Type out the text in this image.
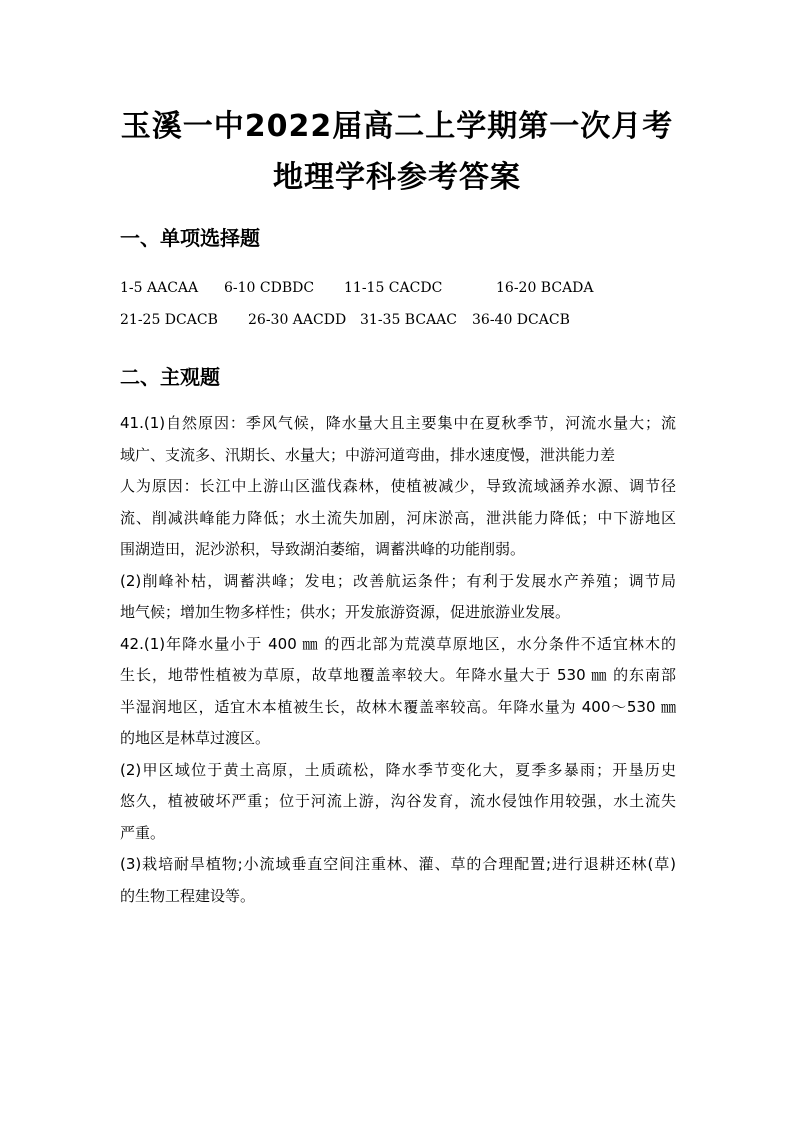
玉溪一中2022届高二上学期第一次月考
地理学科参考答案
一、单项选择题
1-5 AACAA 6-10 CDBDC 11-15 CACDC	16-20 BCADA
21-25 DCACB 26-30 AACDD 31-35 BCAAC 36-40 DCACB
二、主观题
41.(1)自然原因：季风气候，降水量大且主要集中在夏秋季节，河流水量大；流
域广、支流多、汛期长、水量大；中游河道弯曲，排水速度慢，泄洪能力差
人为原因：长江中上游山区滥伐森林，使植被减少，导致流域涵养水源、调节径
流、削减洪峰能力降低；水土流失加剧，河床淤高，泄洪能力降低；中下游地区
围湖造田，泥沙淤积，导致湖泊萎缩，调蓄洪峰的功能削弱。
(2)削峰补枯，调蓄洪峰；发电；改善航运条件；有利于发展水产养殖；调节局
地气候；增加生物多样性；供水；开发旅游资源，促进旅游业发展。
42.(1)年降水量小于 400 ㎜ 的西北部为荒漠草原地区，水分条件不适宜林木的
生长，地带性植被为草原，故草地覆盖率较大。年降水量大于 530 ㎜ 的东南部
半湿润地区，适宜木本植被生长，故林木覆盖率较高。年降水量为 400～530 ㎜
的地区是林草过渡区。
(2)甲区域位于黄土高原，土质疏松，降水季节变化大，夏季多暴雨；开垦历史
悠久，植被破坏严重；位于河流上游，沟谷发育，流水侵蚀作用较强，水土流失
严重。
(3)栽培耐旱植物;小流域垂直空间注重林、灌、草的合理配置;进行退耕还林(草)
的生物工程建设等。
